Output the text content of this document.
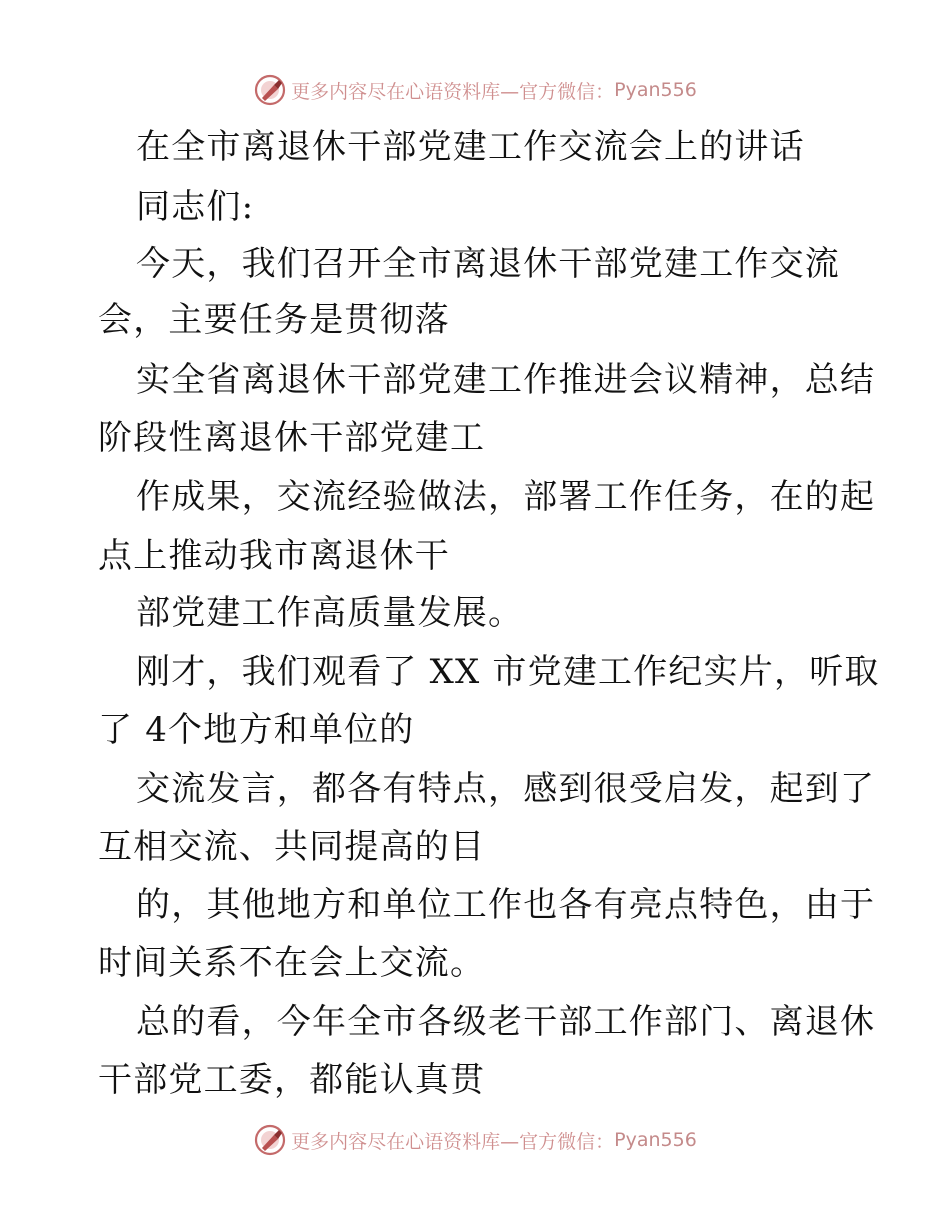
更多内容尽在心语资料库—官方微信： Pyan556
在全市离退休干部党建工作交流会上的讲话
同志们:
今天，我们召开全市离退休干部党建工作交流
会，主要任务是贯彻落
实全省离退休干部党建工作推进会议精神，总结
阶段性离退休干部党建工
作成果，交流经验做法，部署工作任务，在的起
点上推动我市离退休干
部党建工作高质量发展。
刚才，我们观看了 XX 市党建工作纪实片，听取
了 4个地方和单位的
交流发言，都各有特点，感到很受启发，起到了
互相交流、共同提高的目
的，其他地方和单位工作也各有亮点特色，由于
时间关系不在会上交流。
总的看，今年全市各级老干部工作部门、离退休
干部党工委，都能认真贯
更多内容尽在心语资料库—官方微信： Pyan556
